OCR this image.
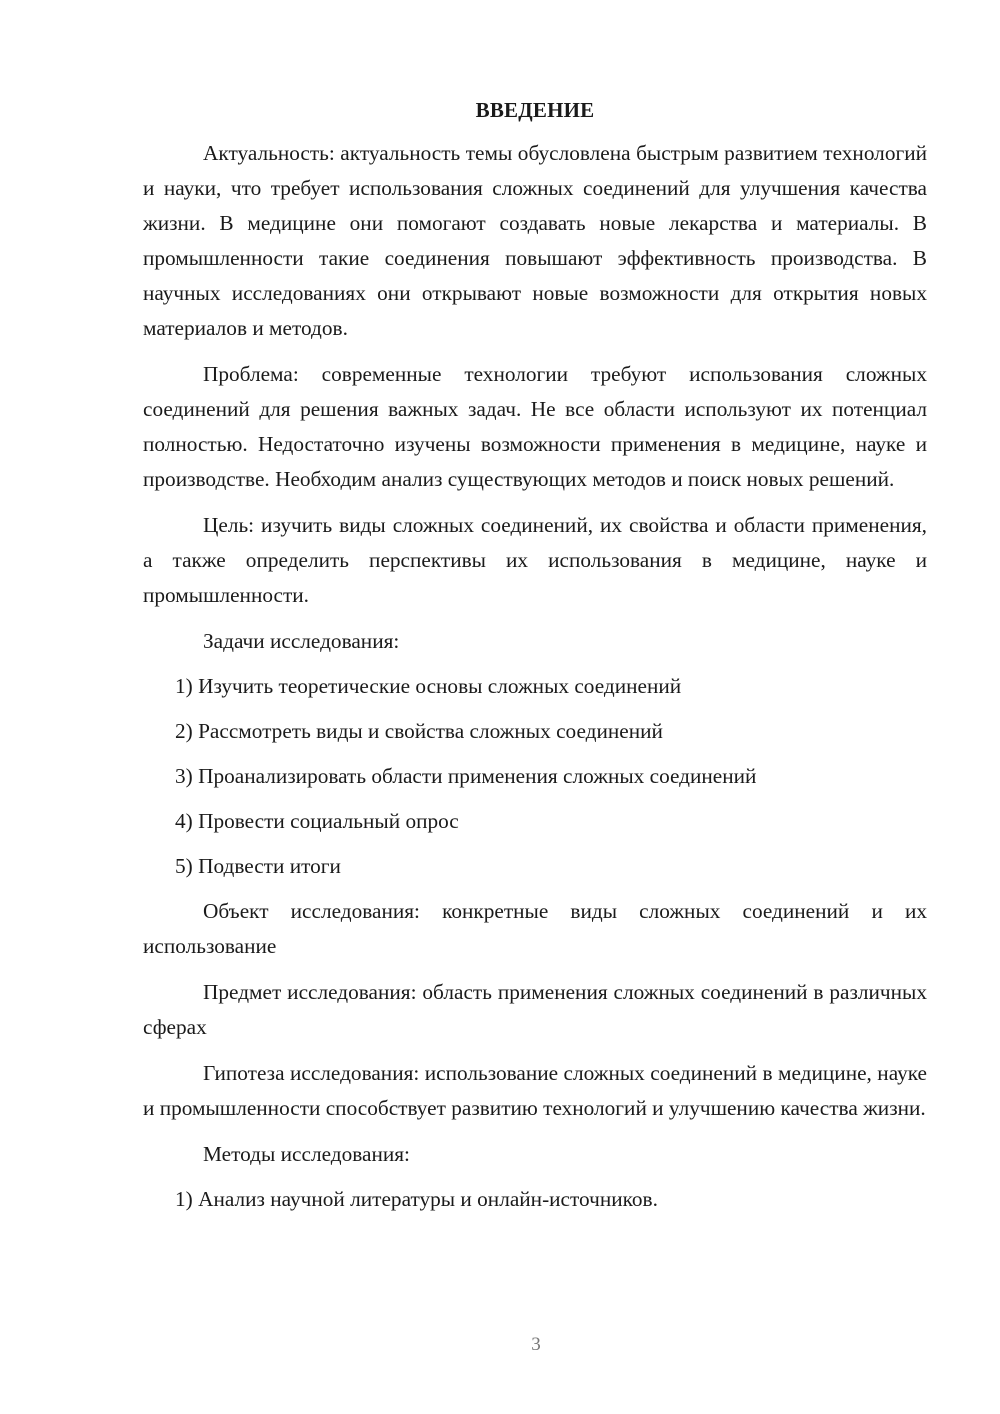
ВВЕДЕНИЕ

Актуальность: актуальность темы обусловлена быстрым развитием технологий и науки, что требует использования сложных соединений для улучшения качества жизни. В медицине они помогают создавать новые лекарства и материалы. В промышленности такие соединения повышают эффективность производства. В научных исследованиях они открывают новые возможности для открытия новых материалов и методов.

Проблема: современные технологии требуют использования сложных соединений для решения важных задач. Не все области используют их потенциал полностью. Недостаточно изучены возможности применения в медицине, науке и производстве. Необходим анализ существующих методов и поиск новых решений.

Цель: изучить виды сложных соединений, их свойства и области применения, а также определить перспективы их использования в медицине, науке и промышленности.

Задачи исследования:

1) Изучить теоретические основы сложных соединений

2) Рассмотреть виды и свойства сложных соединений

3) Проанализировать области применения сложных соединений

4) Провести социальный опрос

5) Подвести итоги

Объект исследования: конкретные виды сложных соединений и их использование

Предмет исследования: область применения сложных соединений в различных сферах

Гипотеза исследования: использование сложных соединений в медицине, науке и промышленности способствует развитию технологий и улучшению качества жизни.

Методы исследования:

1) Анализ научной литературы и онлайн-источников.

3
